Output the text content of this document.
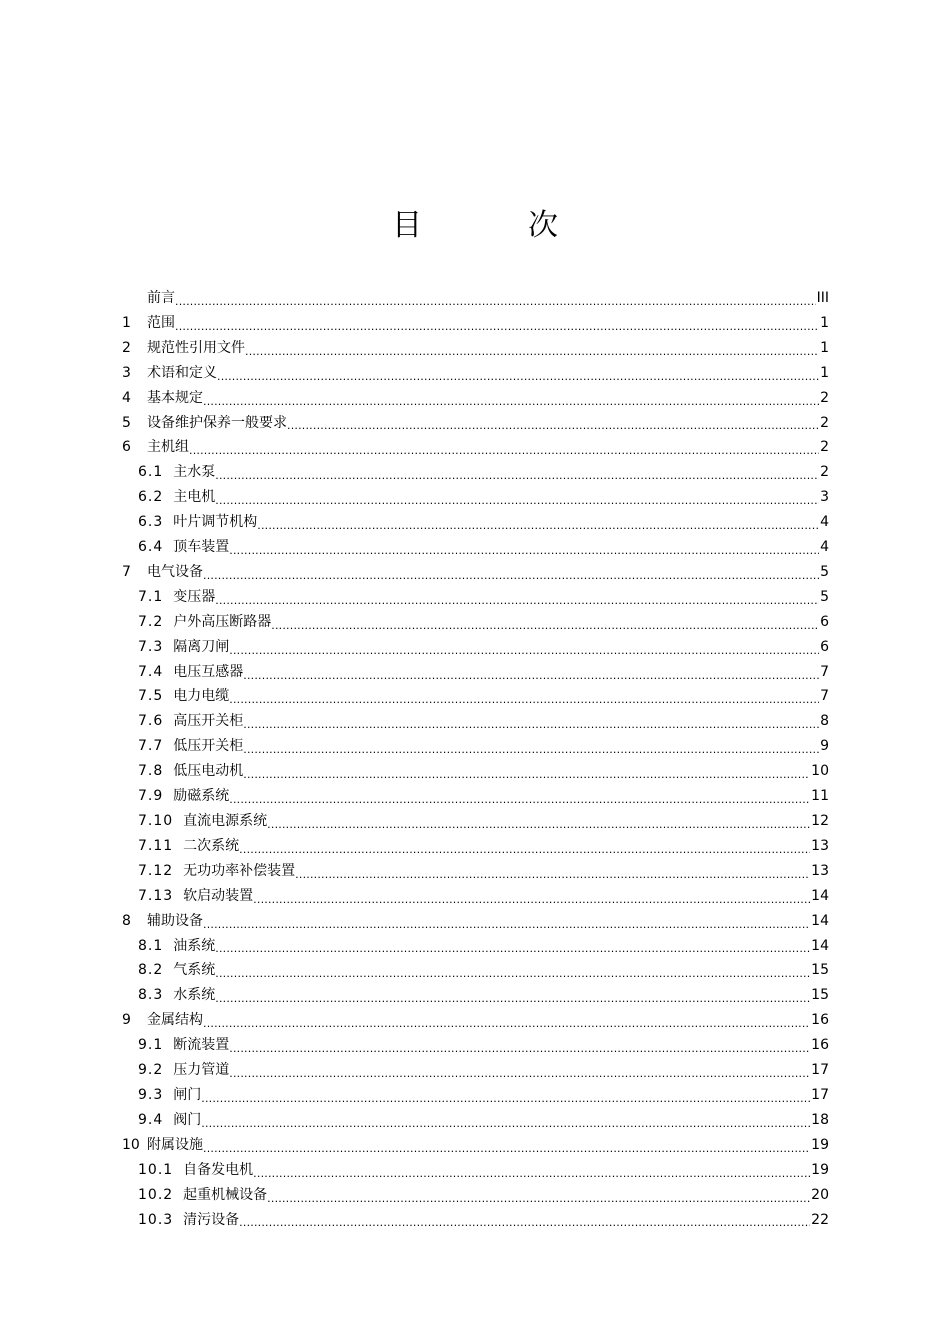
目　次
前言 .....	III
1	范围 .....	1
2	规范性引用文件 .....	1
3	术语和定义 .....	1
4	基本规定 .....	2
5	设备维护保养一般要求 .....	2
6	主机组 .....	2
6.1 主水泵 .....	2
6.2 主电机 .....	3
6.3 叶片调节机构 .....	4
6.4 顶车装置 .....	4
7	电气设备 .....	5
7.1 变压器 .....	5
7.2 户外高压断路器 .....	6
7.3 隔离刀闸 .....	6
7.4 电压互感器 .....	7
7.5 电力电缆 .....	7
7.6 高压开关柜 .....	8
7.7 低压开关柜 .....	9
7.8 低压电动机 .....	10
7.9 励磁系统 .....	11
7.10 直流电源系统 .....	12
7.11 二次系统 .....	13
7.12 无功功率补偿装置 .....	13
7.13 软启动装置 .....	14
8	辅助设备 .....	14
8.1 油系统 .....	14
8.2 气系统 .....	15
8.3 水系统 .....	15
9	金属结构 .....	16
9.1 断流装置 .....	16
9.2 压力管道 .....	17
9.3 闸门 .....	17
9.4 阀门 .....	18
10 附属设施 .....	19
10.1 自备发电机 .....	19
10.2 起重机械设备 .....	20
10.3 清污设备 .....	22
